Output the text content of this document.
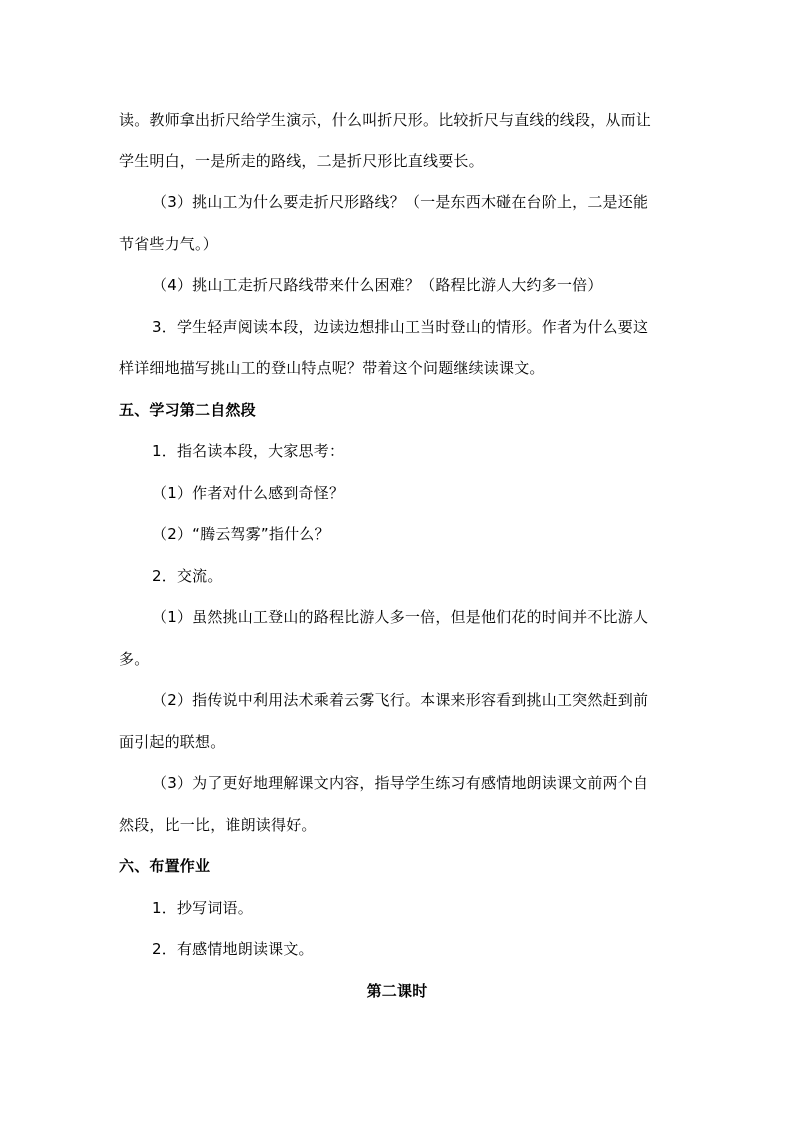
读。教师拿出折尺给学生演示，什么叫折尺形。比较折尺与直线的线段，从而让
学生明白，一是所走的路线，二是折尺形比直线要长。
（3）挑山工为什么要走折尺形路线？（一是东西木碰在台阶上，二是还能
节省些力气。）
（4）挑山工走折尺路线带来什么困难？（路程比游人大约多一倍）
3．学生轻声阅读本段，边读边想排山工当时登山的情形。作者为什么要这
样详细地描写挑山工的登山特点呢？带着这个问题继续读课文。
五、学习第二自然段
1．指名读本段，大家思考：
（1）作者对什么感到奇怪？
（2）“腾云驾雾”指什么？
2．交流。
（1）虽然挑山工登山的路程比游人多一倍，但是他们花的时间并不比游人
多。
（2）指传说中利用法术乘着云雾飞行。本课来形容看到挑山工突然赶到前
面引起的联想。
（3）为了更好地理解课文内容，指导学生练习有感情地朗读课文前两个自
然段，比一比，谁朗读得好。
六、布置作业
1．抄写词语。
2．有感情地朗读课文。
第二课时
